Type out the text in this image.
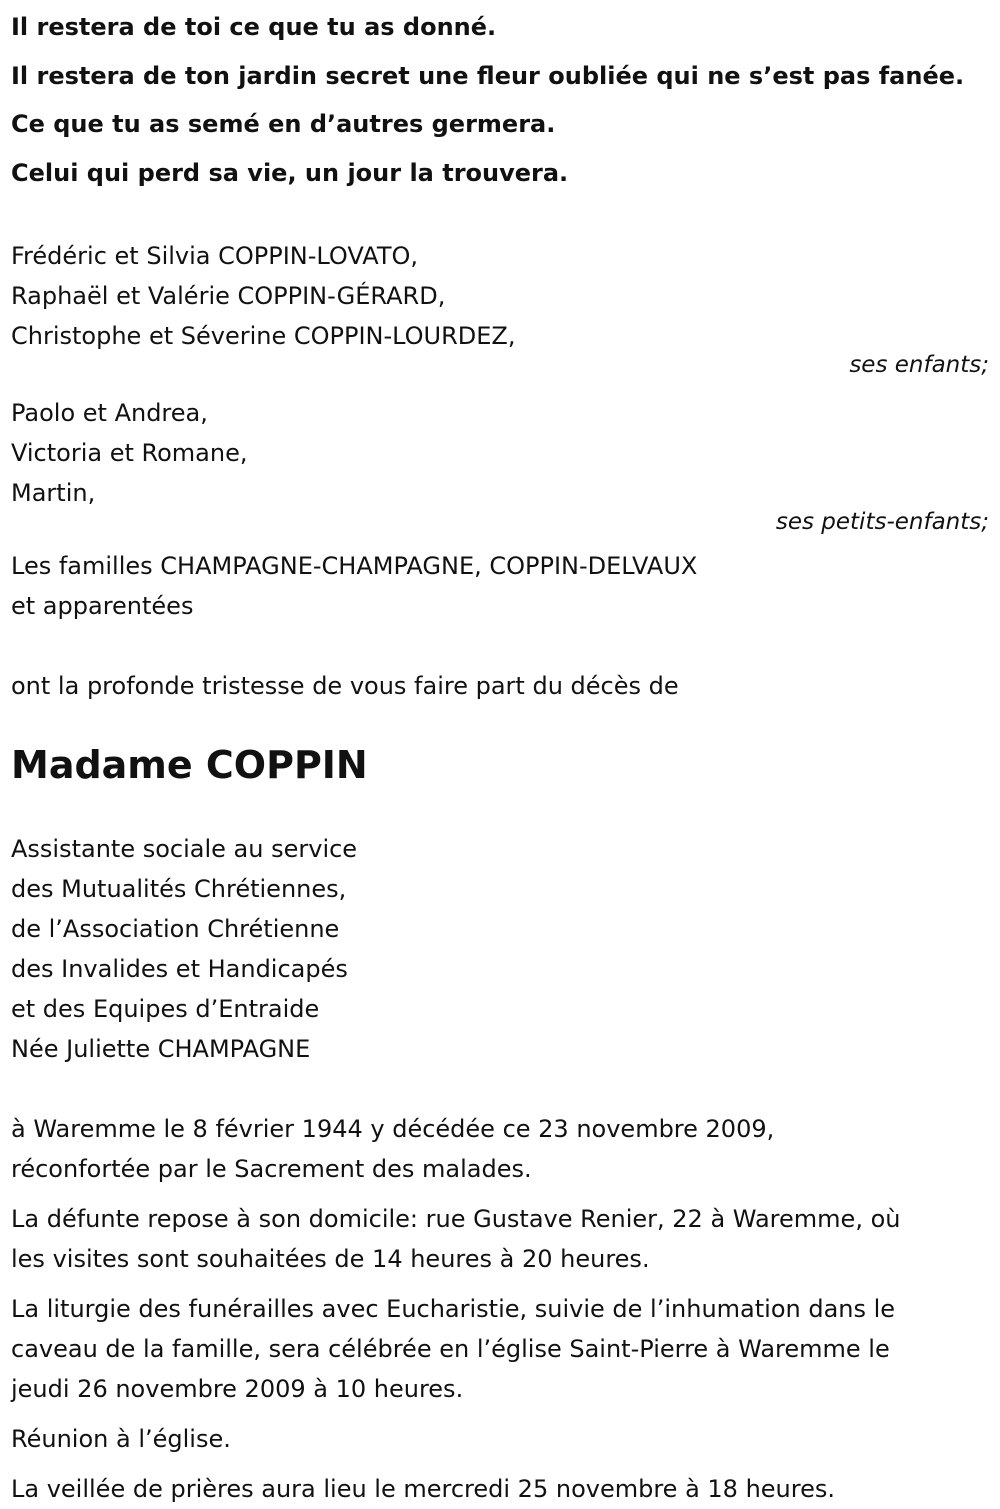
Il restera de toi ce que tu as donné.
Il restera de ton jardin secret une fleur oubliée qui ne s’est pas fanée.
Ce que tu as semé en d’autres germera.
Celui qui perd sa vie, un jour la trouvera.
Frédéric et Silvia COPPIN-LOVATO,
Raphaël et Valérie COPPIN-GÉRARD,
Christophe et Séverine COPPIN-LOURDEZ,
ses enfants;
Paolo et Andrea,
Victoria et Romane,
Martin,
ses petits-enfants;
Les familles CHAMPAGNE-CHAMPAGNE, COPPIN-DELVAUX
et apparentées
ont la profonde tristesse de vous faire part du décès de
Madame COPPIN
Assistante sociale au service
des Mutualités Chrétiennes,
de l’Association Chrétienne
des Invalides et Handicapés
et des Equipes d’Entraide
Née Juliette CHAMPAGNE
à Waremme le 8 février 1944 y décédée ce 23 novembre 2009,
réconfortée par le Sacrement des malades.
La défunte repose à son domicile: rue Gustave Renier, 22 à Waremme, où
les visites sont souhaitées de 14 heures à 20 heures.
La liturgie des funérailles avec Eucharistie, suivie de l’inhumation dans le
caveau de la famille, sera célébrée en l’église Saint-Pierre à Waremme le
jeudi 26 novembre 2009 à 10 heures.
Réunion à l’église.
La veillée de prières aura lieu le mercredi 25 novembre à 18 heures.
